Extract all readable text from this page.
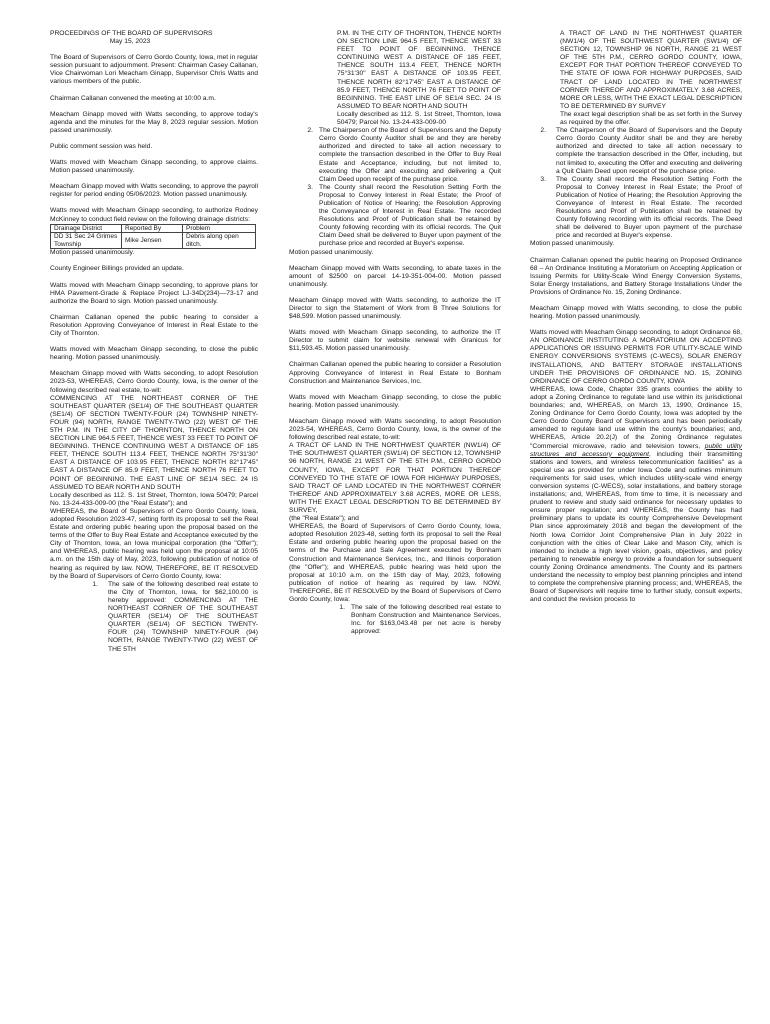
PROCEEDINGS OF THE BOARD OF SUPERVISORS
May 15, 2023

The Board of Supervisors of Cerro Gordo County, Iowa, met in regular session pursuant to adjournment. Present: Chairman Casey Callanan, Vice Chairwoman Lori Meacham Ginapp, Supervisor Chris Watts and various members of the public.

Chairman Callanan convened the meeting at 10:00 a.m.

Meacham Ginapp moved with Watts seconding, to approve today's agenda and the minutes for the May 8, 2023 regular session. Motion passed unanimously.

Public comment session was held.

Watts moved with Meacham Ginapp seconding, to approve claims. Motion passed unanimously.

Meacham Ginapp moved with Watts seconding, to approve the payroll register for period ending 05/06/2023. Motion passed unanimously.

Watts moved with Meacham Ginapp seconding, to authorize Rodney McKinney to conduct field review on the following drainage districts:

Drainage District	Reported By	Problem
DD 31 Sec 24 Grimes Township	Mike Jensen	Debris along open ditch.

Motion passed unanimously.

County Engineer Billings provided an update.

Watts moved with Meacham Ginapp seconding, to approve plans for HMA Pavement-Grade & Replace Project LJ-34D(234)—73-17 and authorize the Board to sign. Motion passed unanimously.

Chairman Callanan opened the public hearing to consider a Resolution Approving Conveyance of Interest in Real Estate to the City of Thornton.

Watts moved with Meacham Ginapp seconding, to close the public hearing. Motion passed unanimously.

Meacham Ginapp moved with Watts seconding, to adopt Resolution 2023-53, WHEREAS, Cerro Gordo County, Iowa, is the owner of the following described real estate, to-wit:

COMMENCING AT THE NORTHEAST CORNER OF THE SOUTHEAST QUARTER (SE1/4) OF THE SOUTHEAST QUARTER (SE1/4) OF SECTION TWENTY-FOUR (24) TOWNSHIP NINETY-FOUR (94) NORTH, RANGE TWENTY-TWO (22) WEST OF THE 5TH P.M. IN THE CITY OF THORNTON, THENCE NORTH ON SECTION LINE 964.5 FEET, THENCE WEST 33 FEET TO POINT OF BEGINNING. THENCE CONTINUING WEST A DISTANCE OF 185 FEET, THENCE SOUTH 113.4 FEET, THENCE NORTH 75°31'30" EAST A DISTANCE OF 103.95 FEET, THENCE NORTH 82°17'45" EAST A DISTANCE OF 85.9 FEET, THENCE NORTH 76 FEET TO POINT OF BEGINNING. THE EAST LINE OF SE1/4 SEC. 24 IS ASSUMED TO BEAR NORTH AND SOUTH

Locally described as 112. S. 1st Street, Thornton, Iowa 50479; Parcel No. 13-24-433-009-00 (the "Real Estate"); and

WHEREAS, the Board of Supervisors of Cerro Gordo County, Iowa, adopted Resolution 2023-47, setting forth its proposal to sell the Real Estate and ordering public hearing upon the proposal based on the terms of the Offer to Buy Real Estate and Acceptance executed by the City of Thornton, Iowa, an Iowa municipal corporation (the "Offer"); and WHEREAS, public hearing was held upon the proposal at 10:05 a.m. on the 15th day of May, 2023, following publication of notice of hearing as required by law. NOW, THEREFORE, BE IT RESOLVED by the Board of Supervisors of Cerro Gordo County, Iowa:

1.	The sale of the following described real estate to the City of Thornton, Iowa, for $62,100.00 is hereby approved: COMMENCING AT THE NORTHEAST CORNER OF THE SOUTHEAST QUARTER (SE1/4) OF THE SOUTHEAST QUARTER (SE1/4) OF SECTION TWENTY-FOUR (24) TOWNSHIP NINETY-FOUR (94) NORTH, RANGE TWENTY-TWO (22) WEST OF THE 5TH
P.M. IN THE CITY OF THORNTON, THENCE NORTH ON SECTION LINE 964.5 FEET, THENCE WEST 33 FEET TO POINT OF BEGINNING. THENCE CONTINUING WEST A DISTANCE OF 185 FEET, THENCE SOUTH 113.4 FEET, THENCE NORTH 75°31'30" EAST A DISTANCE OF 103.95 FEET, THENCE NORTH 82°17'45" EAST A DISTANCE OF 85.9 FEET, THENCE NORTH 76 FEET TO POINT OF BEGINNING. THE EAST LINE OF SE1/4 SEC. 24 IS ASSUMED TO BEAR NORTH AND SOUTH
Locally described as 112. S. 1st Street, Thornton, Iowa 50479; Parcel No. 13-24-433-009-00
2. The Chairperson of the Board of Supervisors and the Deputy Cerro Gordo County Auditor shall be and they are hereby authorized and directed to take all action necessary to complete the transaction described in the Offer to Buy Real Estate and Acceptance, including, but not limited to, executing the Offer and executing and delivering a Quit Claim Deed upon receipt of the purchase price.
3. The County shall record the Resolution Setting Forth the Proposal to Convey Interest in Real Estate; the Proof of Publication of Notice of Hearing; the Resolution Approving the Conveyance of Interest in Real Estate. The recorded Resolutions and Proof of Publication shall be retained by County following recording with its official records. The Quit Claim Deed shall be delivered to Buyer upon payment of the purchase price and recorded at Buyer's expense.

Motion passed unanimously.

Meacham Ginapp moved with Watts seconding, to abate taxes in the amount of $2500 on parcel 14-19-351-004-00. Motion passed unanimously.

Meacham Ginapp moved with Watts seconding, to authorize the IT Director to sign the Statement of Work from B Three Solutions for $48,599. Motion passed unanimously.

Watts moved with Meacham Ginapp seconding, to authorize the IT Director to submit claim for website renewal with Granicus for $11,593.45. Motion passed unanimously.

Chairman Callanan opened the public hearing to consider a Resolution Approving Conveyance of Interest in Real Estate to Bonham Construction and Maintenance Services, Inc.

Watts moved with Meacham Ginapp seconding, to close the public hearing. Motion passed unanimously.

Meacham Ginapp moved with Watts seconding, to adopt Resolution 2023-54, WHEREAS, Cerro Gordo County, Iowa, is the owner of the following described real estate, to-wit:

A TRACT OF LAND IN THE NORTHWEST QUARTER (NW1/4) OF THE SOUTHWEST QUARTER (SW1/4) OF SECTION 12, TOWNSHIP 96 NORTH, RANGE 21 WEST OF THE 5TH P.M., CERRO GORDO COUNTY, IOWA, EXCEPT FOR THAT PORTION THEREOF CONVEYED TO THE STATE OF IOWA FOR HIGHWAY PURPOSES, SAID TRACT OF LAND LOCATED IN THE NORTHWEST CORNER THEREOF AND APPROXIMATELY 3.68 ACRES, MORE OR LESS, WITH THE EXACT LEGAL DESCRIPTION TO BE DETERMINED BY SURVEY,

(the "Real Estate"); and

WHEREAS, the Board of Supervisors of Cerro Gordo County, Iowa, adopted Resolution 2023-48, setting forth its proposal to sell the Real Estate and ordering public hearing upon the proposal based on the terms of the Purchase and Sale Agreement executed by Bonham Construction and Maintenance Services, Inc., and Illinois corporation (the "Offer"); and WHEREAS, public hearing was held upon the proposal at 10:10 a.m. on the 15th day of May, 2023, following publication of notice of hearing as required by law. NOW, THEREFORE, BE IT RESOLVED by the Board of Supervisors of Cerro Gordo County, Iowa:

1. The sale of the following described real estate to Bonham Construction and Maintenance Services, Inc. for $163,043.48 per net acre is hereby approved:
A TRACT OF LAND IN THE NORTHWEST QUARTER (NW1/4) OF THE SOUTHWEST QUARTER (SW1/4) OF SECTION 12, TOWNSHIP 96 NORTH, RANGE 21 WEST OF THE 5TH P.M., CERRO GORDO COUNTY, IOWA, EXCEPT FOR THAT PORTION THEREOF CONVEYED TO THE STATE OF IOWA FOR HIGHWAY PURPOSES, SAID TRACT OF LAND LOCATED IN THE NORTHWEST CORNER THEREOF AND APPROXIMATELY 3.68 ACRES, MORE OR LESS, WITH THE EXACT LEGAL DESCRIPTION TO BE DETERMINED BY SURVEY
The exact legal description shall be as set forth in the Survey as required by the offer.
2.	The Chairperson of the Board of Supervisors and the Deputy Cerro Gordo County Auditor shall be and they are hereby authorized and directed to take all action necessary to complete the transaction described in the Offer, including, but not limited to, executing the Offer and executing and delivering a Quit Claim Deed upon receipt of the purchase price.
3.	The County shall record the Resolution Setting Forth the Proposal to Convey Interest in Real Estate; the Proof of Publication of Notice of Hearing; the Resolution Approving the Conveyance of Interest in Real Estate. The recorded Resolutions and Proof of Publication shall be retained by County following recording with its official records. The Deed shall be delivered to Buyer upon payment of the purchase price and recorded at Buyer's expense.

Motion passed unanimously.

Chairman Callanan opened the public hearing on Proposed Ordinance 68 – An Ordinance Instituting a Moratorium on Accepting Application or Issuing Permits for Utility-Scale Wind Energy Conversion Systems, Solar Energy Installations, and Battery Storage Installations Under the Provisions of Ordinance No. 15, Zoning Ordinance.

Meacham Ginapp moved with Watts seconding, to close the public hearing. Motion passed unanimously.

Watts moved with Meacham Ginapp seconding, to adopt Ordinance 68, AN ORDINANCE INSTITUTING A MORATORIUM ON ACCEPTING APPLICATIONS OR ISSUING PERMITS FOR UTILITY-SCALE WIND ENERGY CONVERSIONS SYSTEMS (C-WECS), SOLAR ENERGY INSTALLATIONS, AND BATTERY STORAGE INSTALLATIONS UNDER THE PROVISIONS OF ORDINANCE NO. 15, ZONING ORDINANCE OF CERRO GORDO COUNTY, IOWA

WHEREAS, Iowa Code, Chapter 335 grants counties the ability to adopt a Zoning Ordinance to regulate land use within its jurisdictional boundaries; and, WHEREAS, on March 13, 1990, Ordinance 15, Zoning Ordinance for Cerro Gordo County, Iowa was adopted by the Cerro Gordo County Board of Supervisors and has been periodically amended to regulate land use within the county's boundaries; and, WHEREAS, Article 20.2(J) of the Zoning Ordinance regulates "Commercial microwave, radio and television towers, public utility structures and accessory equipment, including their transmitting stations and towers, and wireless telecommunication facilities" as a special use as provided for under Iowa Code and outlines minimum requirements for said uses, which includes utility-scale wind energy conversion systems (C-WECS), solar installations, and battery storage installations; and, WHEREAS, from time to time, it is necessary and prudent to review and study said ordinance for necessary updates to ensure proper regulation; and WHEREAS, the County has had preliminary plans to update its county Comprehensive Development Plan since approximately 2018 and began the development of the North Iowa Corridor Joint Comprehensive Plan in July 2022 in conjunction with the cities of Clear Lake and Mason City, which is intended to include a high level vision, goals, objectives, and policy pertaining to renewable energy to provide a foundation for subsequent county Zoning Ordinance amendments. The County and its partners understand the necessity to employ best planning principles and intend to complete the comprehensive planning process; and, WHEREAS, the Board of Supervisors will require time to further study, consult experts, and conduct the revision process to
